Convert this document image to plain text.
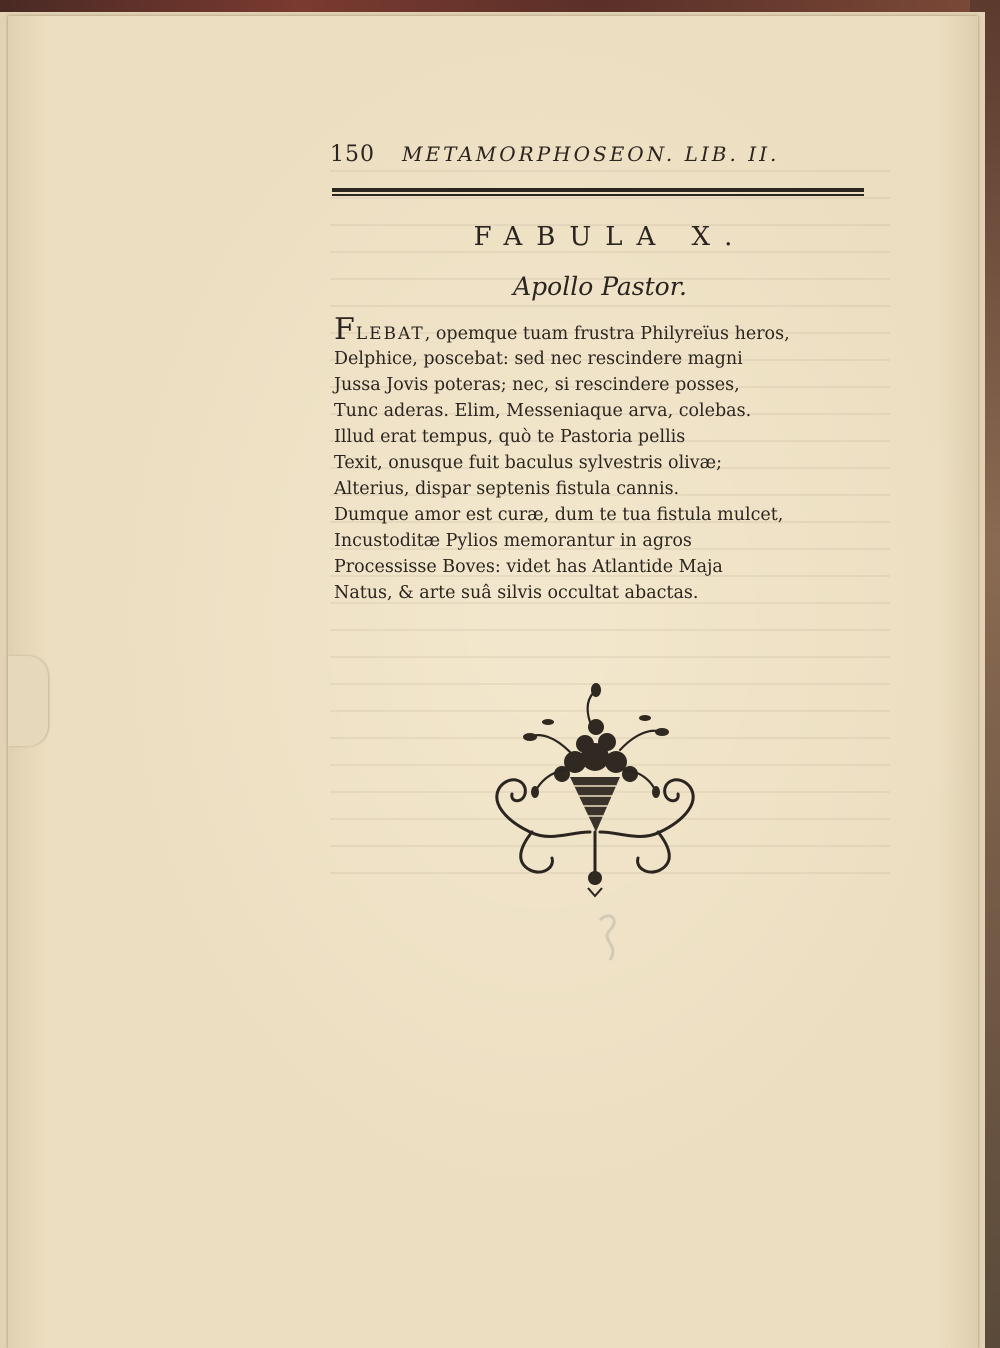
150 METAMORPHOSEON. LIB. II.
FABULA X.
Apollo Pastor.
FLEBAT, opemque tuam frustra Philyreïus heros,
Delphice, poscebat: sed nec rescindere magni
Jussa Jovis poteras; nec, si rescindere posses,
Tunc aderas. Elim, Messeniaque arva, colebas.
Illud erat tempus, quò te Pastoria pellis
Texit, onusque fuit baculus sylvestris olivæ;
Alterius, dispar septenis fistula cannis.
Dumque amor est curæ, dum te tua fistula mulcet,
Incustoditæ Pylios memorantur in agros
Processisse Boves: videt has Atlantide Maja
Natus, & arte suâ silvis occultat abactas.
